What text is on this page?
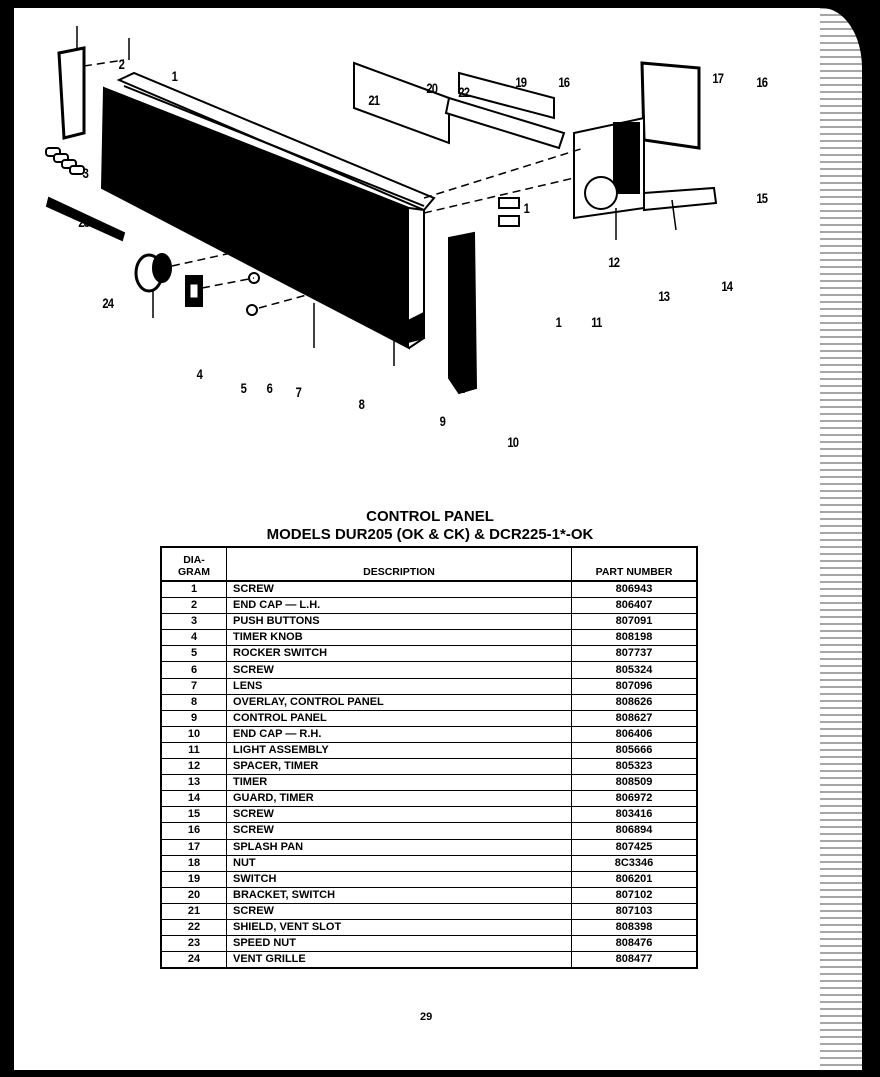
2
1
21
20 22
19 16	17 16
1
1
3
23
15
12
13
14
24
11
1
4
5 6 7
8
9
10
CONTROL PANEL
MODELS DUR205 (OK & CK) & DCR225-1*-OK
DIA-
GRAM	DESCRIPTION	PART NUMBER
1	SCREW	806943
2	END CAP — L.H.	806407
3	PUSH BUTTONS	807091
4	TIMER KNOB	808198
5	ROCKER SWITCH	807737
6	SCREW	805324
7	LENS	807096
8	OVERLAY, CONTROL PANEL	808626
9	CONTROL PANEL	808627
10	END CAP — R.H.	806406
11	LIGHT ASSEMBLY	805666
12	SPACER, TIMER	805323
13	TIMER	808509
14	GUARD, TIMER	806972
15	SCREW	803416
16	SCREW	806894
17	SPLASH PAN	807425
18	NUT	8C3346
19	SWITCH	806201
20	BRACKET, SWITCH	807102
21	SCREW	807103
22	SHIELD, VENT SLOT	808398
23	SPEED NUT	808476
24	VENT GRILLE	808477
29
